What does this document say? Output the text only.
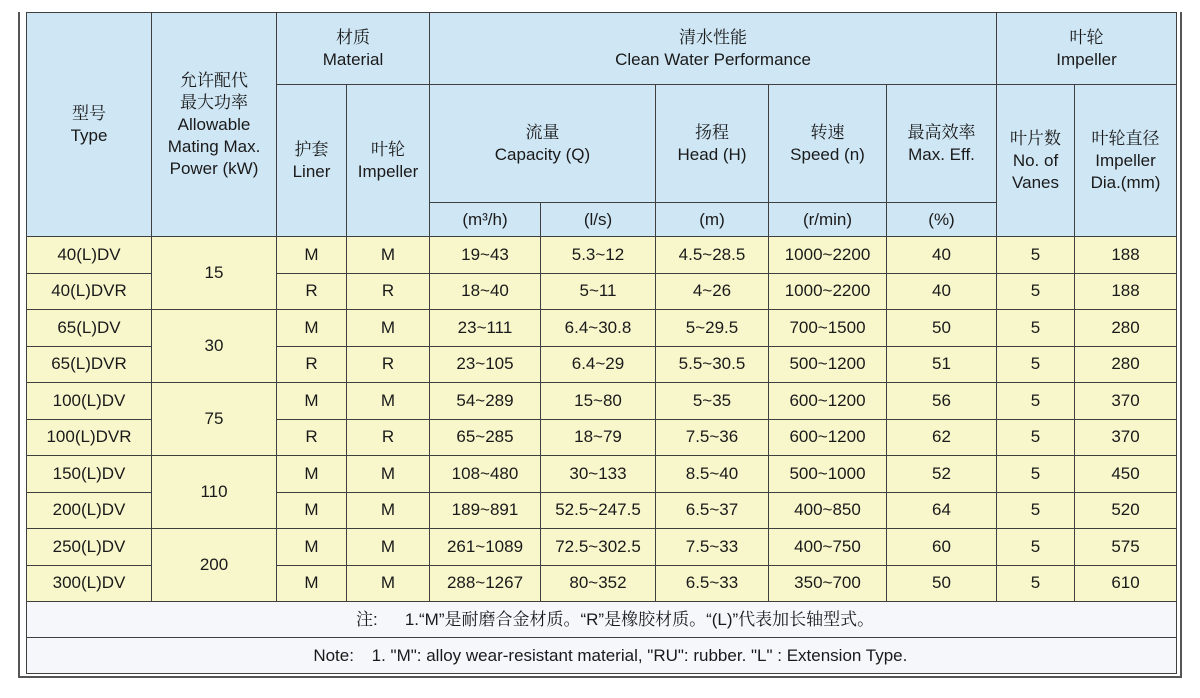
型号
Type	允许配代
最大功率
Allowable
Mating Max.
Power (kW)	材质
Material		清水性能
Clean Water Performance					叶轮
Impeller	

		护套
Liner	叶轮
Impeller	流量
Capacity (Q)		扬程
Head (H)	转速
Speed (n)	最高效率
Max. Eff.	叶片数
No. of
Vanes	叶轮直径
Impeller
Dia.(mm)

				(m³/h)	(l/s)	(m)	(r/min)	(%)		
40(L)DV	15	M	M	19~43	5.3~12	4.5~28.5	1000~2200	40	5	188
40(L)DVR		R	R	18~40	5~11	4~26	1000~2200	40	5	188
65(L)DV	30	M	M	23~111	6.4~30.8	5~29.5	700~1500	50	5	280
65(L)DVR		R	R	23~105	6.4~29	5.5~30.5	500~1200	51	5	280
100(L)DV	75	M	M	54~289	15~80	5~35	600~1200	56	5	370
100(L)DVR		R	R	65~285	18~79	7.5~36	600~1200	62	5	370
150(L)DV	110	M	M	108~480	30~133	8.5~40	500~1000	52	5	450
200(L)DV		M	M	189~891	52.5~247.5	6.5~37	400~850	64	5	520
250(L)DV	200	M	M	261~1089	72.5~302.5	7.5~33	400~750	60	5	575
300(L)DV		M	M	288~1267	80~352	6.5~33	350~700	50	5	610
注: 1.“M”是耐磨合金材质。“R”是橡胶材质。“(L)”代表加长轴型式。										
Note: 1. "M": alloy wear-resistant material, "RU": rubber. "L" : Extension Type.										
